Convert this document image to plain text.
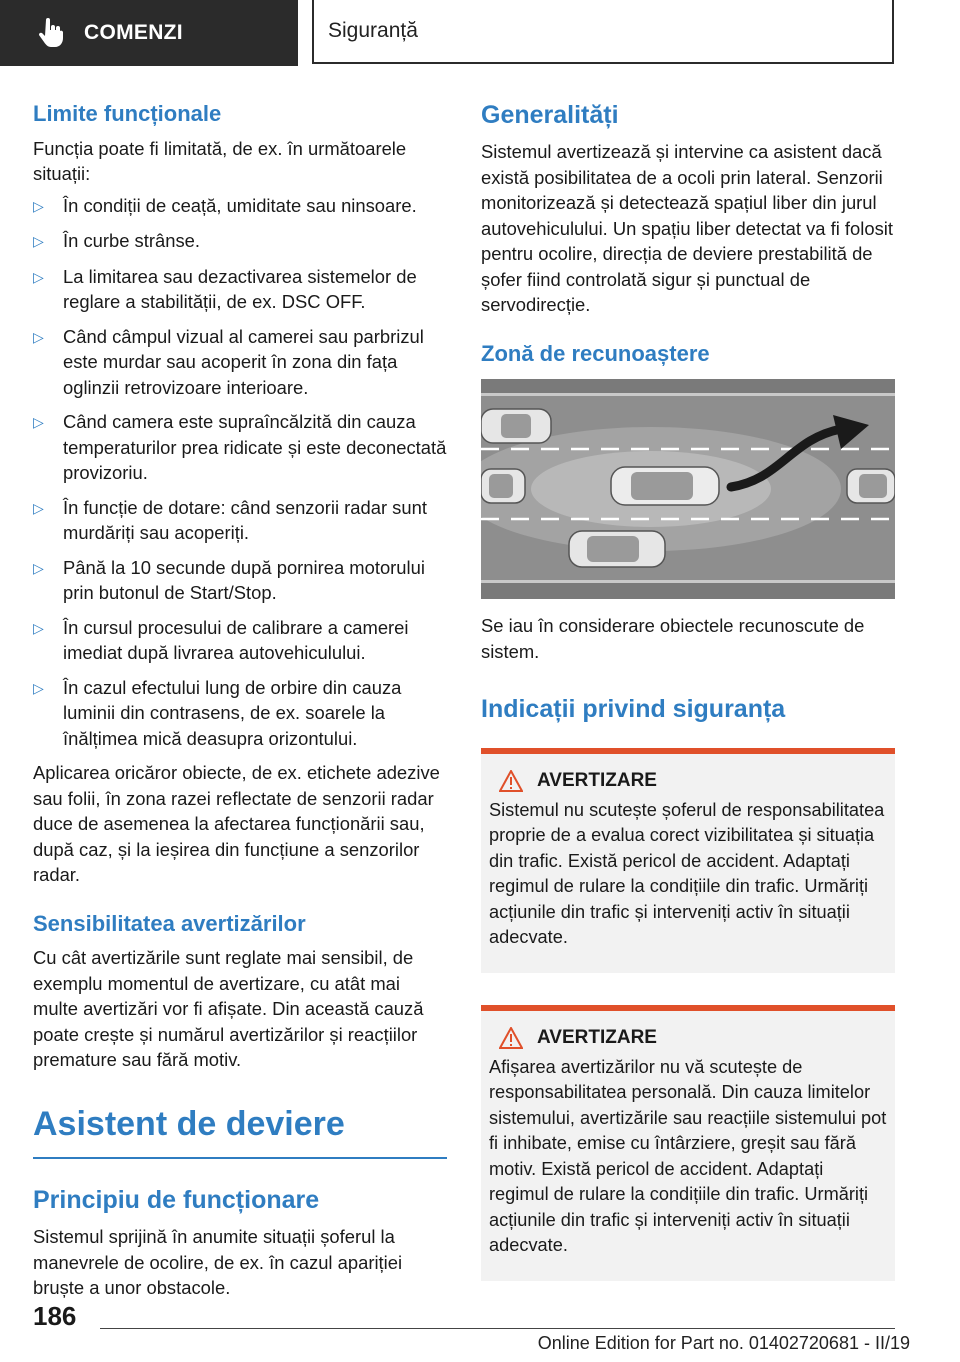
COMENZI	Siguranță
Limite funcționale

Funcția poate fi limitată, de ex. în următoarele situații:

▷	În condiții de ceață, umiditate sau ninsoare.
▷	În curbe strânse.
▷	La limitarea sau dezactivarea sistemelor de reglare a stabilității, de ex. DSC OFF.
▷	Când câmpul vizual al camerei sau parbrizul este murdar sau acoperit în zona din fața oglinzii retrovizoare interioare.
▷	Când camera este supraîncălzită din cauza temperaturilor prea ridicate și este deconectată provizoriu.
▷	În funcție de dotare: când senzorii radar sunt murdăriți sau acoperiți.
▷	Până la 10 secunde după pornirea motorului prin butonul de Start/Stop.
▷	În cursul procesului de calibrare a camerei imediat după livrarea autovehiculului.
▷	În cazul efectului lung de orbire din cauza luminii din contrasens, de ex. soarele la înălțimea mică deasupra orizontului.

Aplicarea oricăror obiecte, de ex. etichete adezive sau folii, în zona razei reflectate de senzorii radar duce de asemenea la afectarea funcționării sau, după caz, și la ieșirea din funcțiune a senzorilor radar.

Sensibilitatea avertizărilor

Cu cât avertizările sunt reglate mai sensibil, de exemplu momentul de avertizare, cu atât mai multe avertizări vor fi afișate. Din această cauză poate crește și numărul avertizărilor și reacțiilor premature sau fără motiv.

Asistent de deviere
Principiu de funcționare

Sistemul sprijină în anumite situații șoferul la manevrele de ocolire, de ex. în cazul apariției bruște a unor obstacole.

Generalități

Sistemul avertizează și intervine ca asistent dacă există posibilitatea de a ocoli prin lateral. Senzorii monitorizează și detectează spațiul liber din jurul autovehiculului. Un spațiu liber detectat va fi folosit pentru ocolire, direcția de deviere prestabilită de șofer fiind controlată sigur și punctual de servodirecție.

Zonă de recunoaștere

Se iau în considerare obiectele recunoscute de sistem.

Indicații privind siguranța
AVERTIZARE

Sistemul nu scutește șoferul de responsabilitatea proprie de a evalua corect vizibilitatea și situația din trafic. Există pericol de accident. Adaptați regimul de rulare la condițiile din trafic. Urmăriți acțiunile din trafic și interveniți activ în situații adecvate.

AVERTIZARE

Afișarea avertizărilor nu vă scutește de responsabilitatea personală. Din cauza limitelor sistemului, avertizările sau reacțiile sistemului pot fi inhibate, emise cu întârziere, greșit sau fără motiv. Există pericol de accident. Adaptați regimul de rulare la condițiile din trafic. Urmăriți acțiunile din trafic și interveniți activ în situații adecvate.

186
Online Edition for Part no. 01402720681 - II/19
